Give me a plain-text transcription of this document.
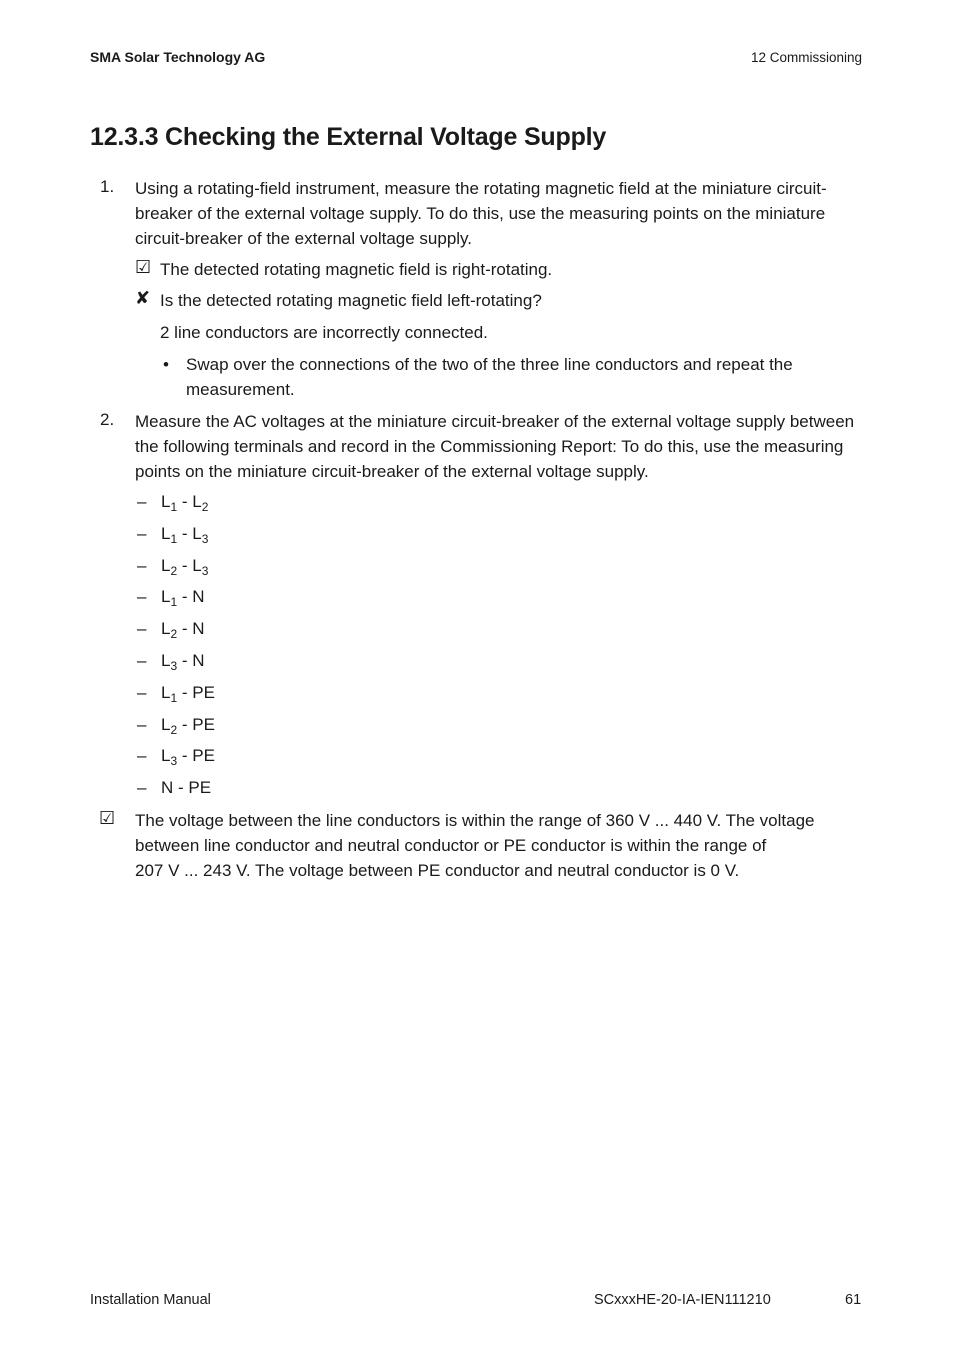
SMA Solar Technology AG	12 Commissioning
12.3.3 Checking the External Voltage Supply
1. Using a rotating-field instrument, measure the rotating magnetic field at the miniature circuit-breaker of the external voltage supply. To do this, use the measuring points on the miniature circuit-breaker of the external voltage supply.
☑ The detected rotating magnetic field is right-rotating.
✘ Is the detected rotating magnetic field left-rotating?
2 line conductors are incorrectly connected.
• Swap over the connections of the two of the three line conductors and repeat the measurement.
2. Measure the AC voltages at the miniature circuit-breaker of the external voltage supply between the following terminals and record in the Commissioning Report: To do this, use the measuring points on the miniature circuit-breaker of the external voltage supply.
– $L_1 - L_2$
– $L_1 - L_3$
– $L_2 - L_3$
– $L_1$ - N
– $L_2$ - N
– $L_3$ - N
– $L_1$ - PE
– $L_2$ - PE
– $L_3$ - PE
– N - PE
☑ The voltage between the line conductors is within the range of 360 V ... 440 V. The voltage
between line conductor and neutral conductor or PE conductor is within the range of
207 V ... 243 V. The voltage between PE conductor and neutral conductor is 0 V.
Installation Manual	SCxxxHE-20-IA-IEN111210	61
